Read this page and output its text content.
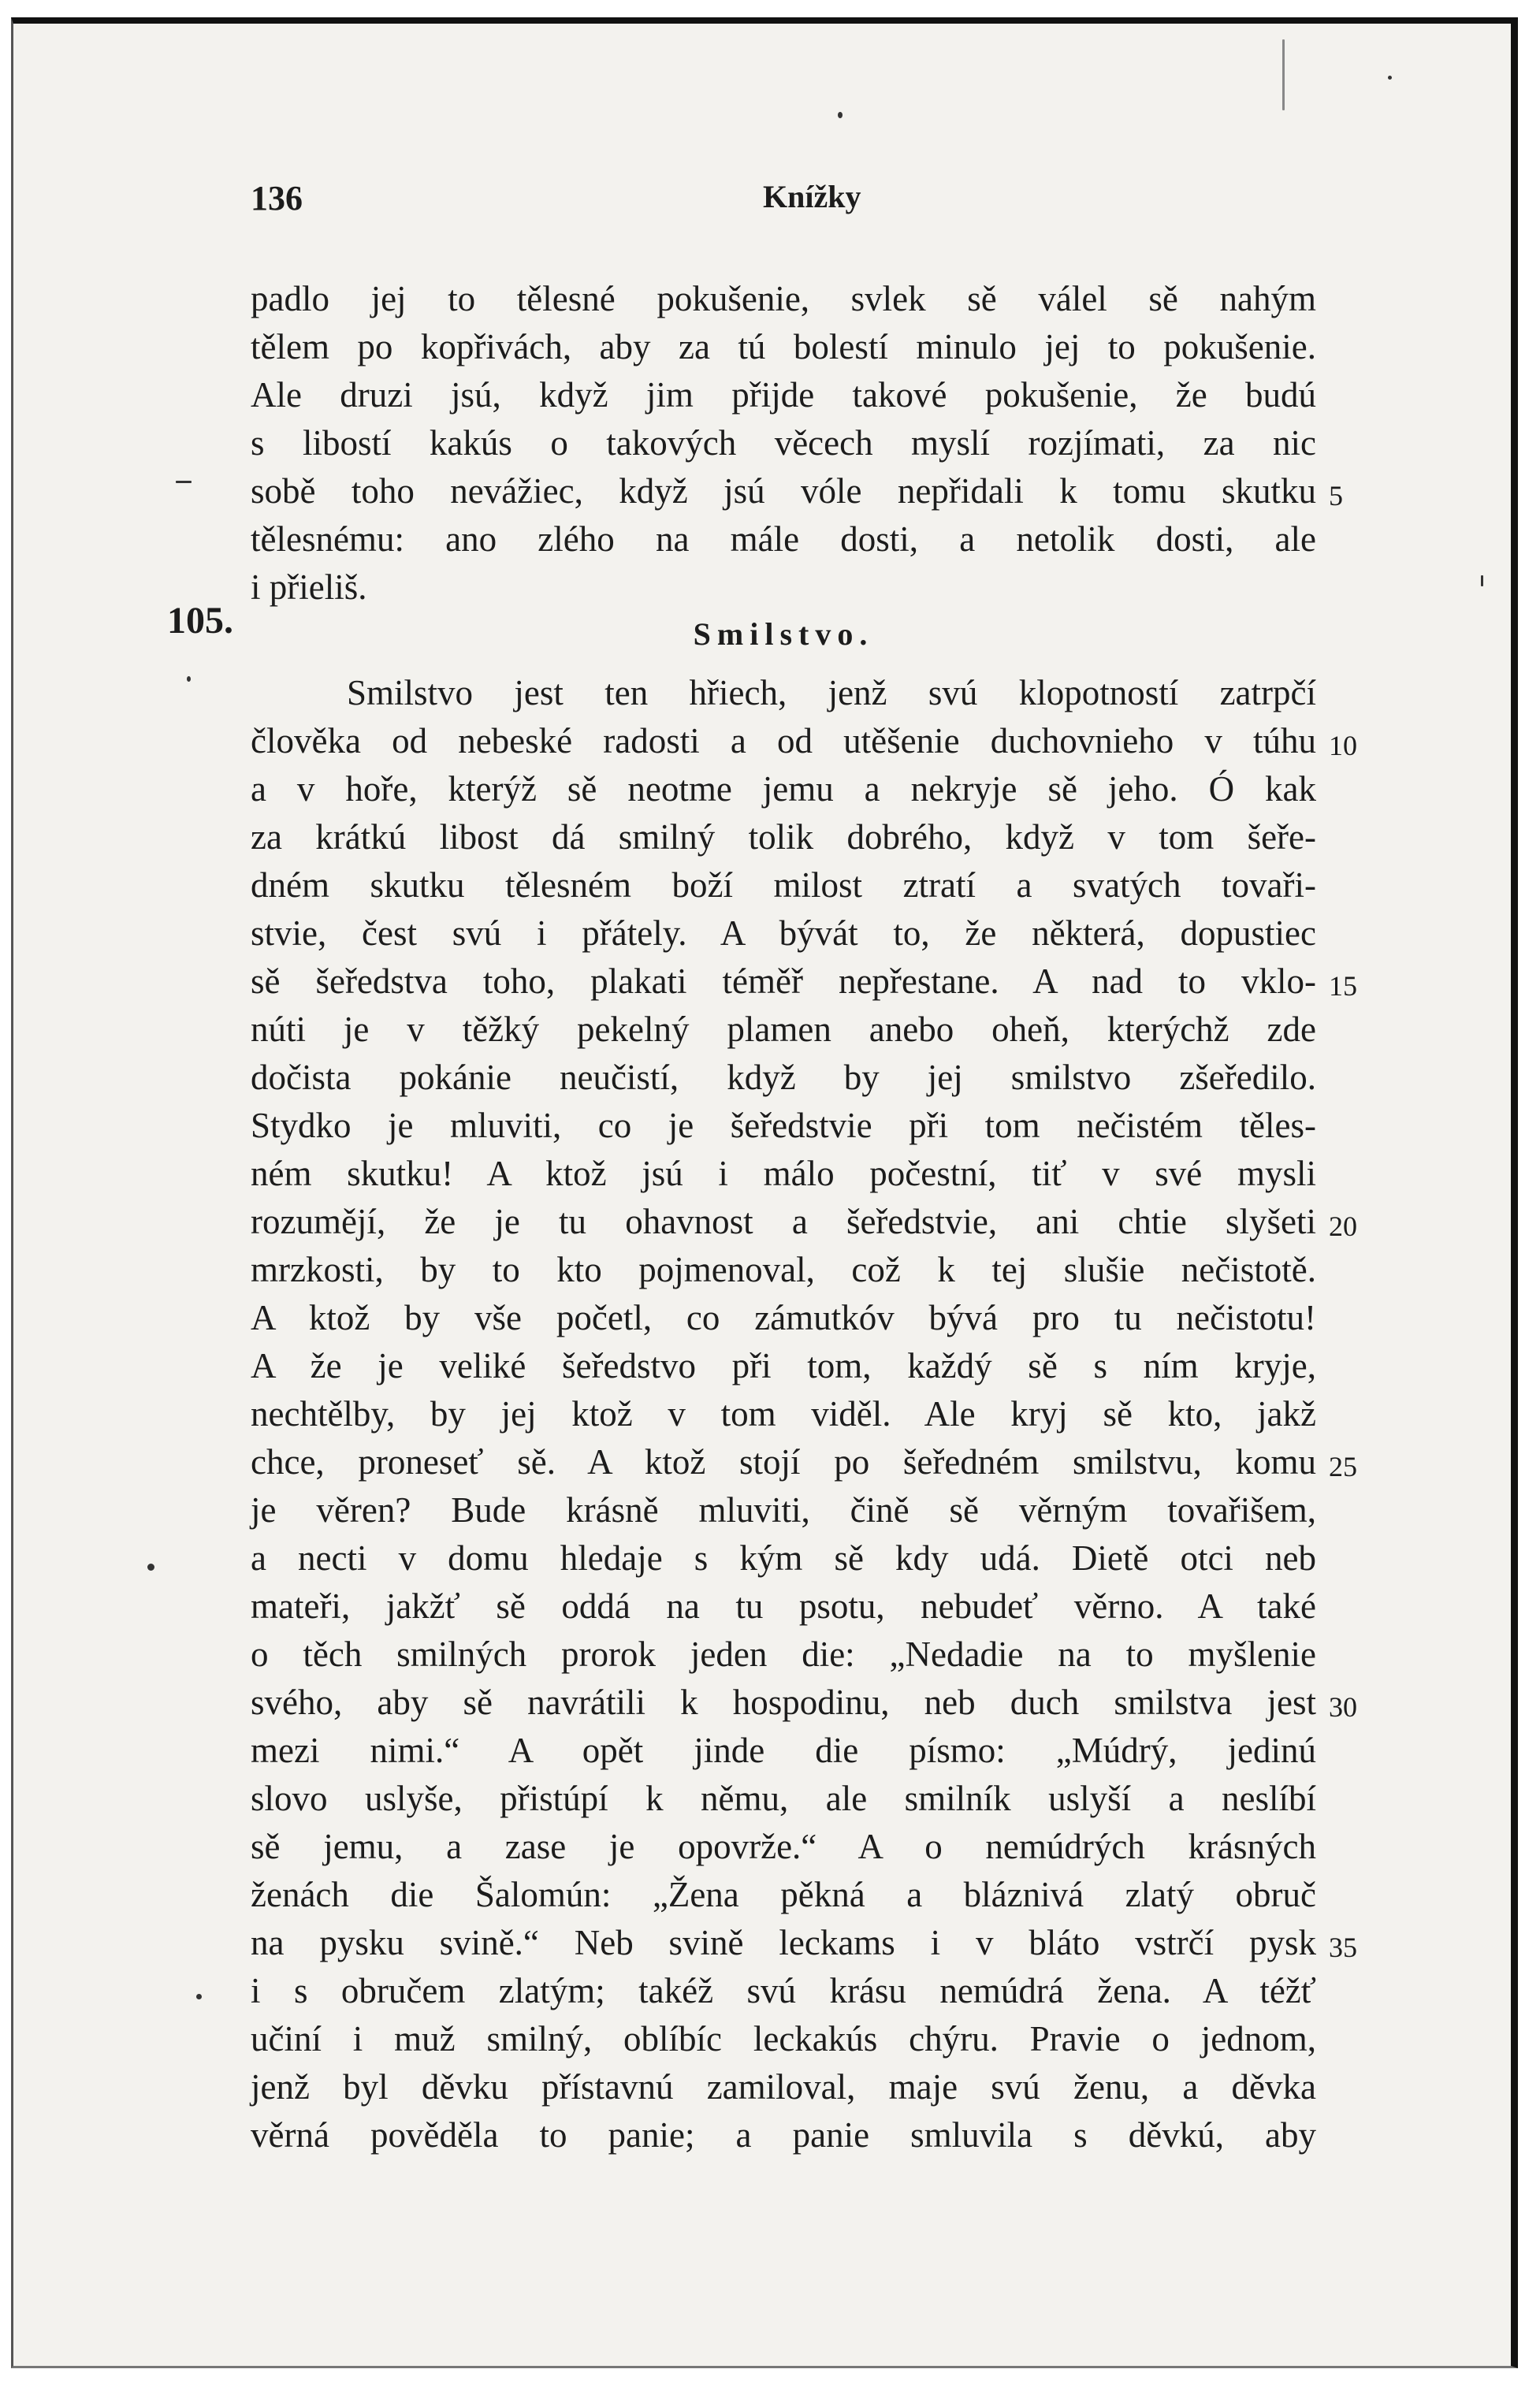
136	Knížky
105.
padlo jej to tělesné pokušenie, svlek sě válel sě nahým
tělem po kopřivách, aby za tú bolestí minulo jej to pokušenie.
Ale druzi jsú, když jim přijde takové pokušenie, že budú
s libostí kakús o takových věcech myslí rozjímati, za nic
sobě toho nevážiec, když jsú vóle nepřidali k tomu skutku
tělesnému: ano zlého na mále dosti, a netolik dosti, ale
i přieliš.
Smilstvo.
Smilstvo jest ten hřiech, jenž svú klopotností zatrpčí
člověka od nebeské radosti a od utěšenie duchovnieho v túhu
a v hoře, kterýž sě neotme jemu a nekryje sě jeho. Ó kak
za krátkú libost dá smilný tolik dobrého, když v tom šeře-
dném skutku tělesném boží milost ztratí a svatých tovaři-
stvie, čest svú i přátely. A bývát to, že některá, dopustiec
sě šeředstva toho, plakati téměř nepřestane. A nad to vklo-
núti je v těžký pekelný plamen anebo oheň, kterýchž zde
dočista pokánie neučistí, když by jej smilstvo zšeředilo.
Stydko je mluviti, co je šeředstvie při tom nečistém těles-
ném skutku! A ktož jsú i málo počestní, tiť v své mysli
rozumějí, že je tu ohavnost a šeředstvie, ani chtie slyšeti
mrzkosti, by to kto pojmenoval, což k tej slušie nečistotě.
A ktož by vše početl, co zámutkóv bývá pro tu nečistotu!
A že je veliké šeředstvo při tom, každý sě s ním kryje,
nechtělby, by jej ktož v tom viděl. Ale kryj sě kto, jakž
chce, pronesеť sě. A ktož stojí po šeředném smilstvu, komu
je věren? Bude krásně mluviti, čině sě věrným tovařišem,
a necti v domu hledaje s kým sě kdy udá. Dietě otci neb
mateři, jakžť sě oddá na tu psotu, nebudeť věrno. A také
o těch smilných prorok jeden die: „Nedadie na to myšlenie
svého, aby sě navrátili k hospodinu, neb duch smilstva jest
mezi nimi.“ A opět jinde die písmo: „Múdrý, jedinú
slovo uslyše, přistúpí k němu, ale smilník uslyší a neslíbí
sě jemu, a zase je opovrže.“ A o nemúdrých krásných
ženách die Šalomún: „Žena pěkná a bláznivá zlatý obruč
na pysku svině.“ Neb svině leckams i v bláto vstrčí pysk
i s obručem zlatým; takéž svú krásu nemúdrá žena. A téžť
učiní i muž smilný, oblíbíc leckakús chýru. Pravie o jednom,
jenž byl děvku přístavnú zamiloval, maje svú ženu, a děvka
věrná pověděla to panie; a panie smluvila s děvkú, aby
5
10
15
20
25
30
35
